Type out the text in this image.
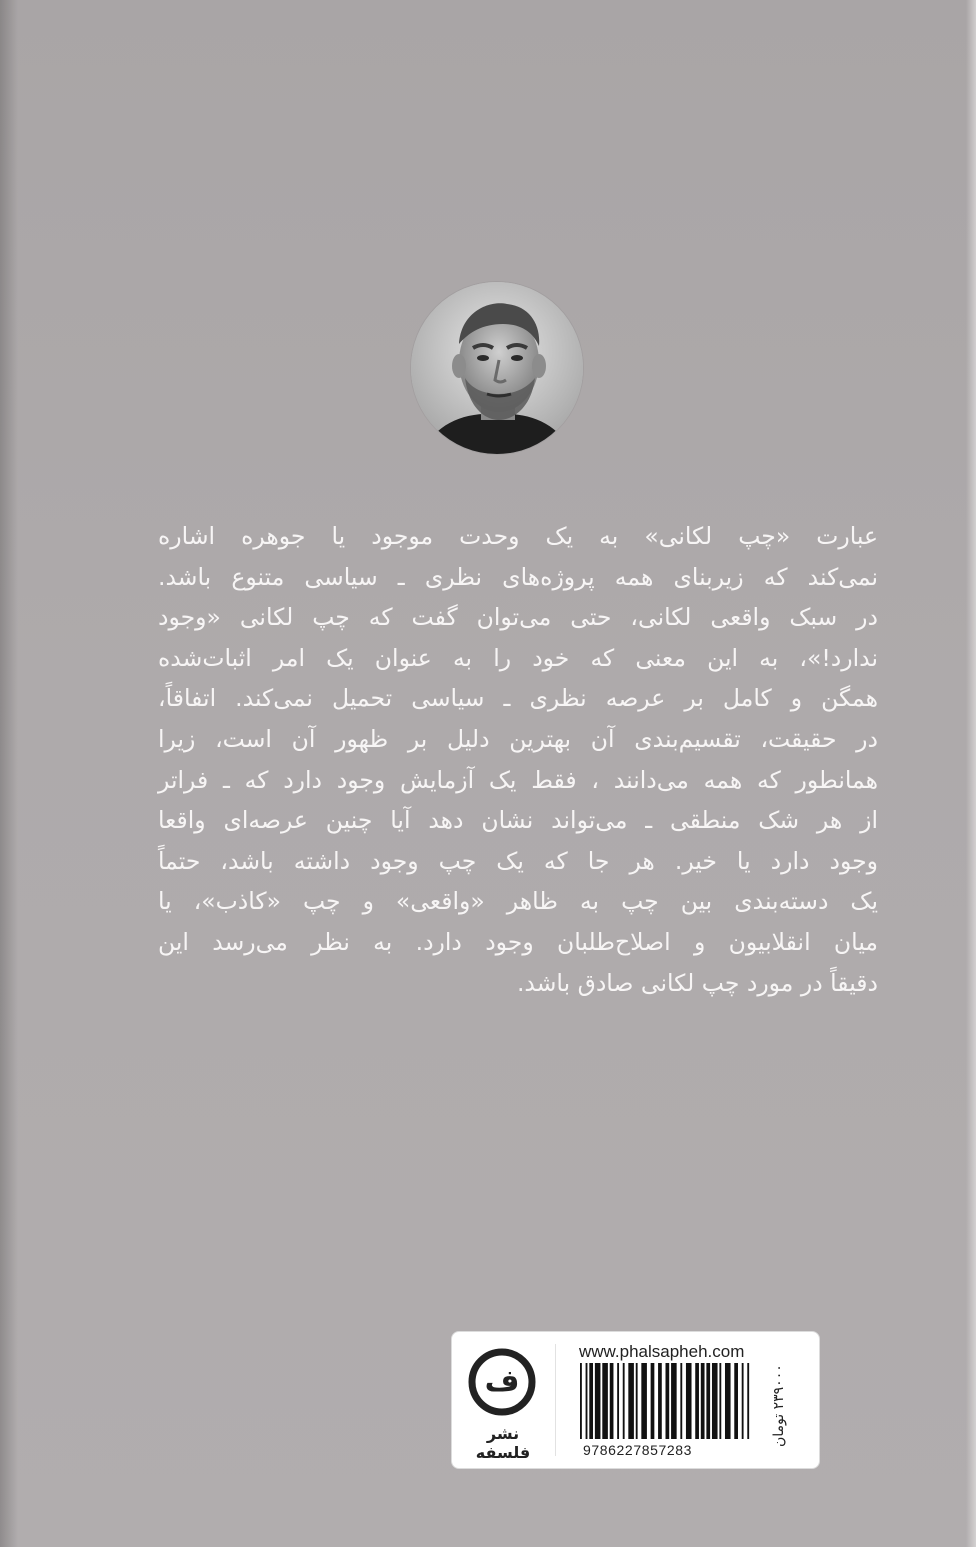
عبارت «چپ لکانی» به یک وحدت موجود یا جوهره اشاره
نمی‌کند که زیربنای همه پروژه‌های نظری ـ سیاسی متنوع باشد.
در سبک واقعی لکانی، حتی می‌توان گفت که چپ لکانی «وجود
ندارد!»، به این معنی که خود را به عنوان یک امر اثبات‌شده
همگن و کامل بر عرصه نظری ـ سیاسی تحمیل نمی‌کند. اتفاقاً،
در حقیقت، تقسیم‌بندی آن بهترین دلیل بر ظهور آن است، زیرا
همانطور که همه می‌دانند ، فقط یک آزمایش وجود دارد که ـ فراتر
از هر شک منطقی ـ می‌تواند نشان دهد آیا چنین عرصه‌ای واقعا
وجود دارد یا خیر. هر جا که یک چپ وجود داشته باشد، حتماً
یک دسته‌بندی بین چپ به ظاهر «واقعی» و چپ «کاذب»، یا
میان انقلابیون و اصلاح‌طلبان وجود دارد. به نظر می‌رسد این
دقیقاً در مورد چپ لکانی صادق باشد.
ف
نشر فلسفه
www.phalsapheh.com
9786227857283
۲۳۹۰۰۰ تومان
